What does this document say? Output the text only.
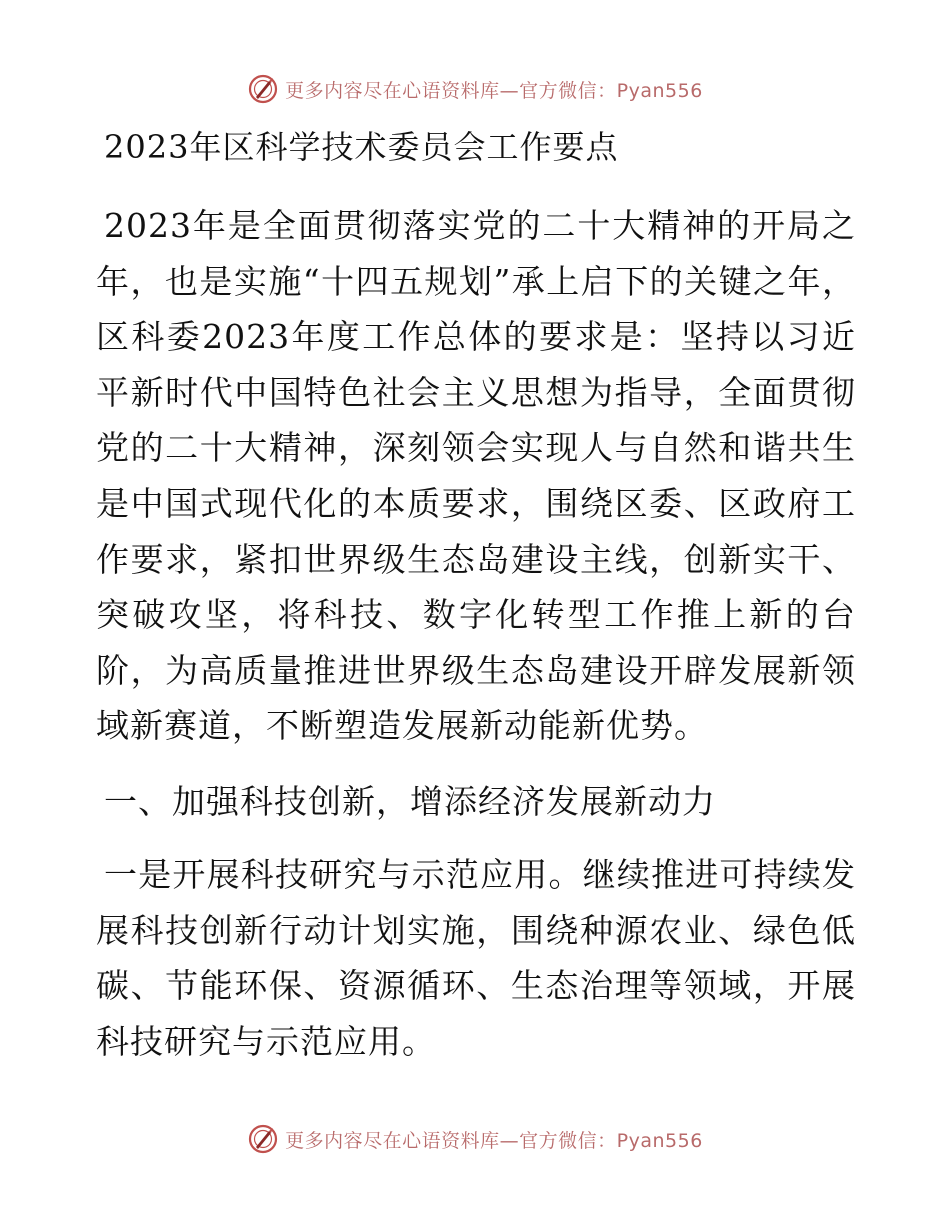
更多内容尽在心语资料库—官方微信：Pyan556
2023年区科学技术委员会工作要点
2023年是全面贯彻落实党的二十大精神的开局之年，也是实施“十四五规划”承上启下的关键之年，区科委2023年度工作总体的要求是：坚持以习近平新时代中国特色社会主义思想为指导，全面贯彻党的二十大精神，深刻领会实现人与自然和谐共生是中国式现代化的本质要求，围绕区委、区政府工作要求，紧扣世界级生态岛建设主线，创新实干、突破攻坚，将科技、数字化转型工作推上新的台阶，为高质量推进世界级生态岛建设开辟发展新领域新赛道，不断塑造发展新动能新优势。
一、加强科技创新，增添经济发展新动力
一是开展科技研究与示范应用。继续推进可持续发展科技创新行动计划实施，围绕种源农业、绿色低碳、节能环保、资源循环、生态治理等领域，开展科技研究与示范应用。
更多内容尽在心语资料库—官方微信：Pyan556
